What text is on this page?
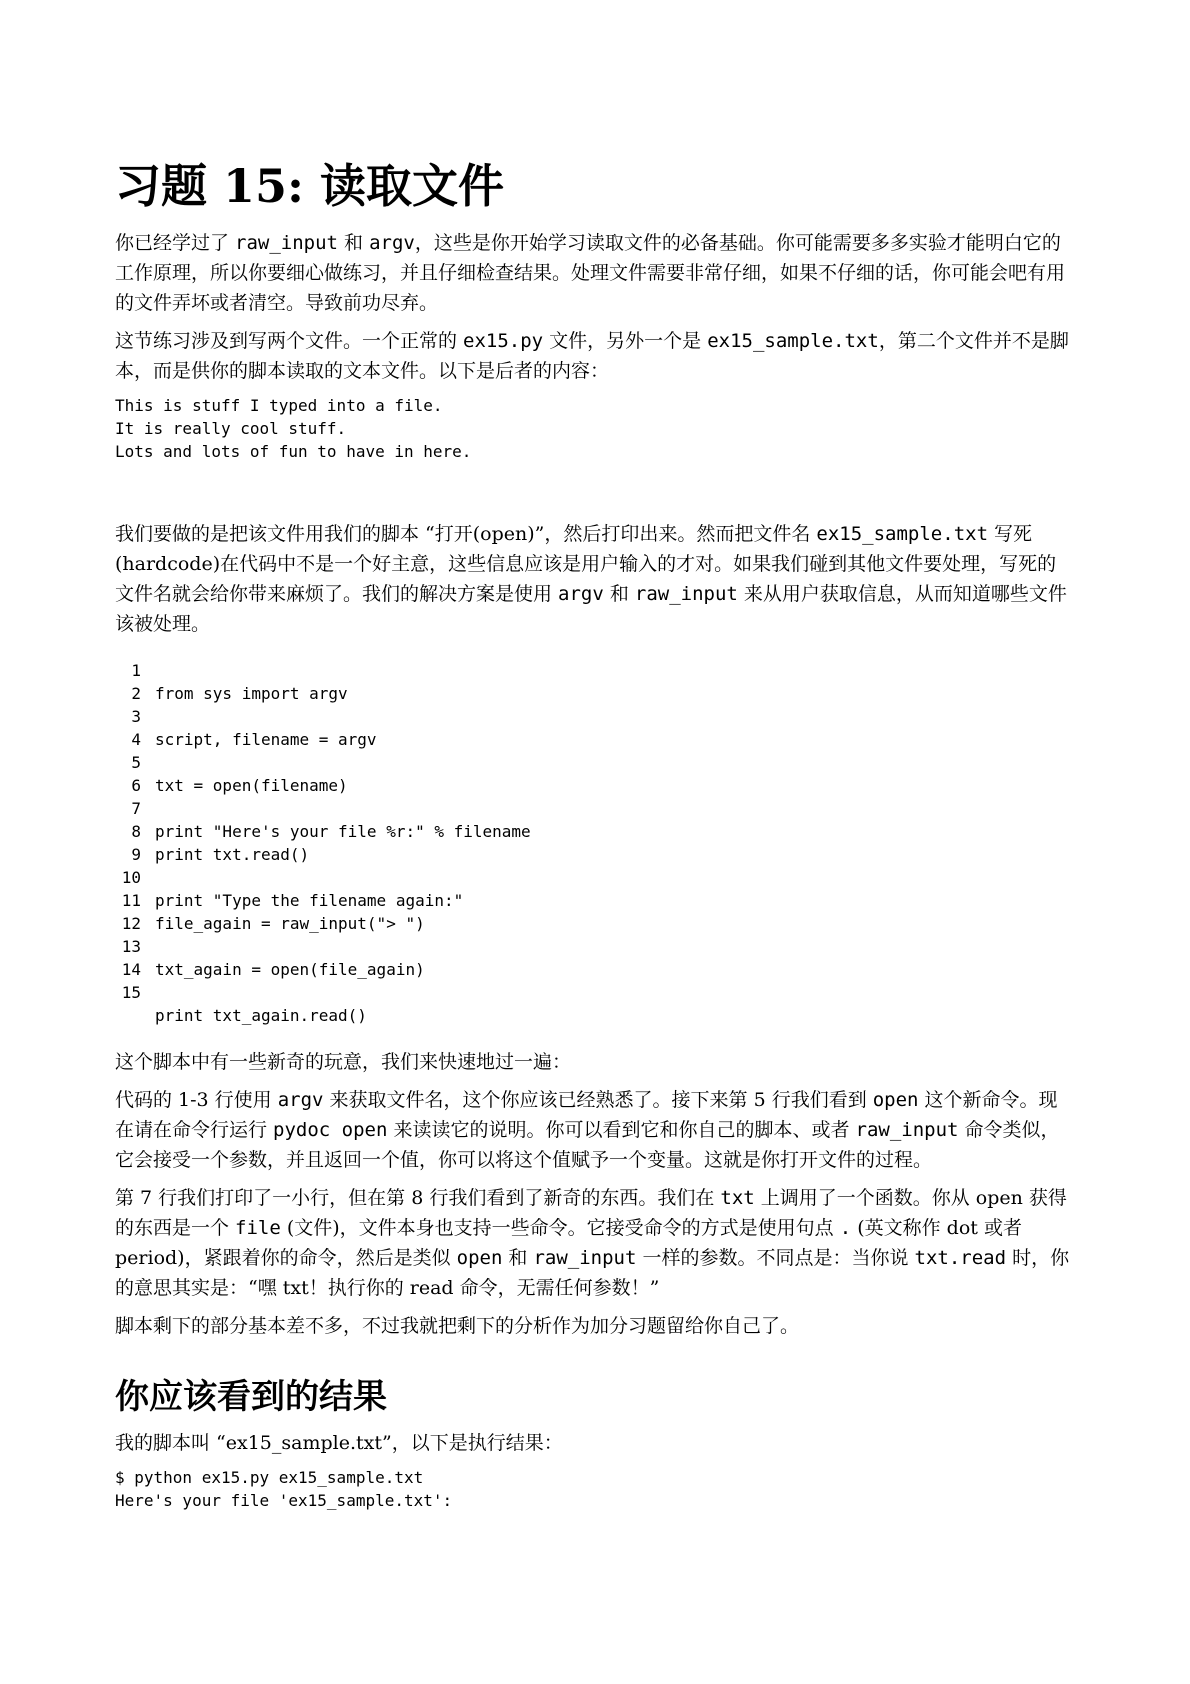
习题 15: 读取文件

你已经学过了 raw_input 和 argv，这些是你开始学习读取文件的必备基础。你可能需要多多实验才能明白它的工作原理，所以你要细心做练习，并且仔细检查结果。处理文件需要非常仔细，如果不仔细的话，你可能会吧有用的文件弄坏或者清空。导致前功尽弃。

这节练习涉及到写两个文件。一个正常的 ex15.py 文件，另外一个是 ex15_sample.txt，第二个文件并不是脚本，而是供你的脚本读取的文本文件。以下是后者的内容：

This is stuff I typed into a file.
It is really cool stuff.
Lots and lots of fun to have in here.

我们要做的是把该文件用我们的脚本 “打开(open)”，然后打印出来。然而把文件名 ex15_sample.txt 写死(hardcode)在代码中不是一个好主意，这些信息应该是用户输入的才对。如果我们碰到其他文件要处理，写死的文件名就会给你带来麻烦了。我们的解决方案是使用 argv 和 raw_input 来从用户获取信息，从而知道哪些文件该被处理。

1
2
3
4
5
6
7
8
9
10
11
12
13
14
15

from sys import argv

script, filename = argv

txt = open(filename)

print "Here's your file %r:" % filename
print txt.read()

print "Type the filename again:"
file_again = raw_input("> ")

txt_again = open(file_again)

print txt_again.read()

这个脚本中有一些新奇的玩意，我们来快速地过一遍：

代码的 1-3 行使用 argv 来获取文件名，这个你应该已经熟悉了。接下来第 5 行我们看到 open 这个新命令。现在请在命令行运行 pydoc open 来读读它的说明。你可以看到它和你自己的脚本、或者 raw_input 命令类似，它会接受一个参数，并且返回一个值，你可以将这个值赋予一个变量。这就是你打开文件的过程。

第 7 行我们打印了一小行，但在第 8 行我们看到了新奇的东西。我们在 txt 上调用了一个函数。你从 open 获得的东西是一个 file (文件)，文件本身也支持一些命令。它接受命令的方式是使用句点 . (英文称作 dot 或者 period)，紧跟着你的命令，然后是类似 open 和 raw_input 一样的参数。不同点是：当你说 txt.read 时，你的意思其实是：“嘿 txt！执行你的 read 命令，无需任何参数！”

脚本剩下的部分基本差不多，不过我就把剩下的分析作为加分习题留给你自己了。

你应该看到的结果

我的脚本叫 “ex15_sample.txt”，以下是执行结果：

$ python ex15.py ex15_sample.txt
Here's your file 'ex15_sample.txt':
